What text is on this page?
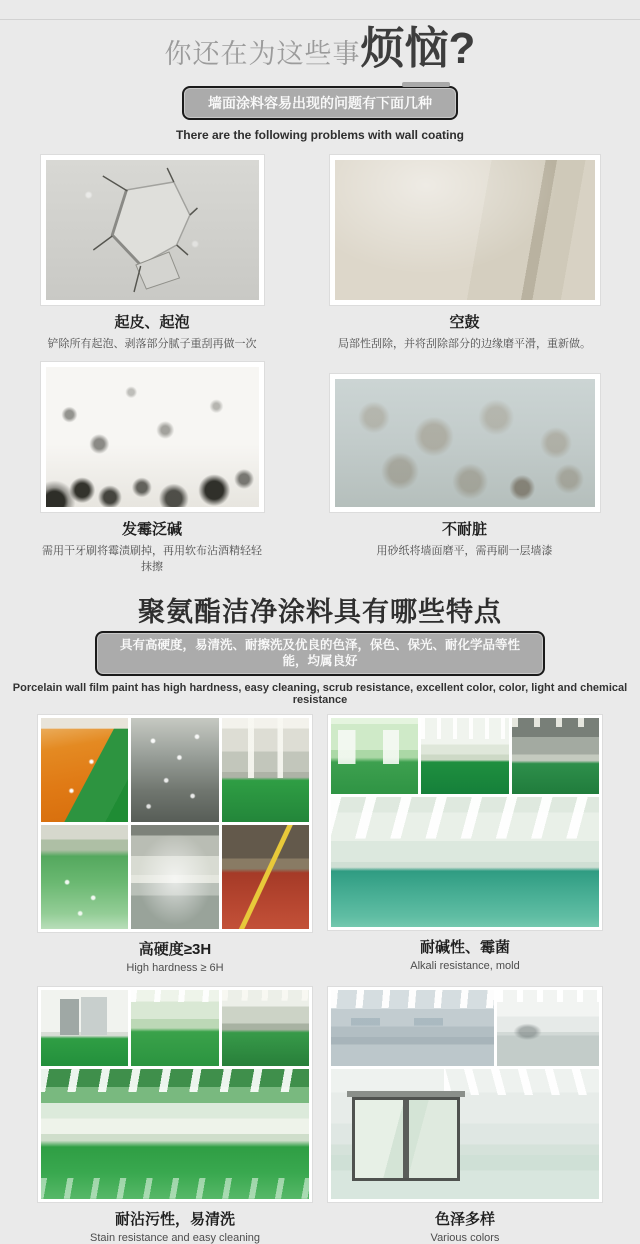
你还在为这些事烦恼?
墙面涂料容易出现的问题有下面几种
There are the following problems with wall coating
起皮、起泡
铲除所有起泡、剥落部分腻子重刮再做一次
空鼓
局部性刮除，并将刮除部分的边缘磨平滑，重新做。
发霉泛碱
需用干牙刷将霉渍刷掉，再用软布沾酒精轻轻抹擦
不耐脏
用砂纸将墙面磨平，需再刷一层墙漆
聚氨酯洁净涂料具有哪些特点
具有高硬度，易清洗、耐擦洗及优良的色泽，保色、保光、耐化学品等性能，均属良好
Porcelain wall film paint has high hardness, easy cleaning, scrub resistance, excellent color, color, light and chemical resistance
高硬度≥3H
High hardness ≥ 6H
耐碱性、霉菌
Alkali resistance, mold
耐沾污性，易清洗
Stain resistance and easy cleaning
色泽多样
Various colors
